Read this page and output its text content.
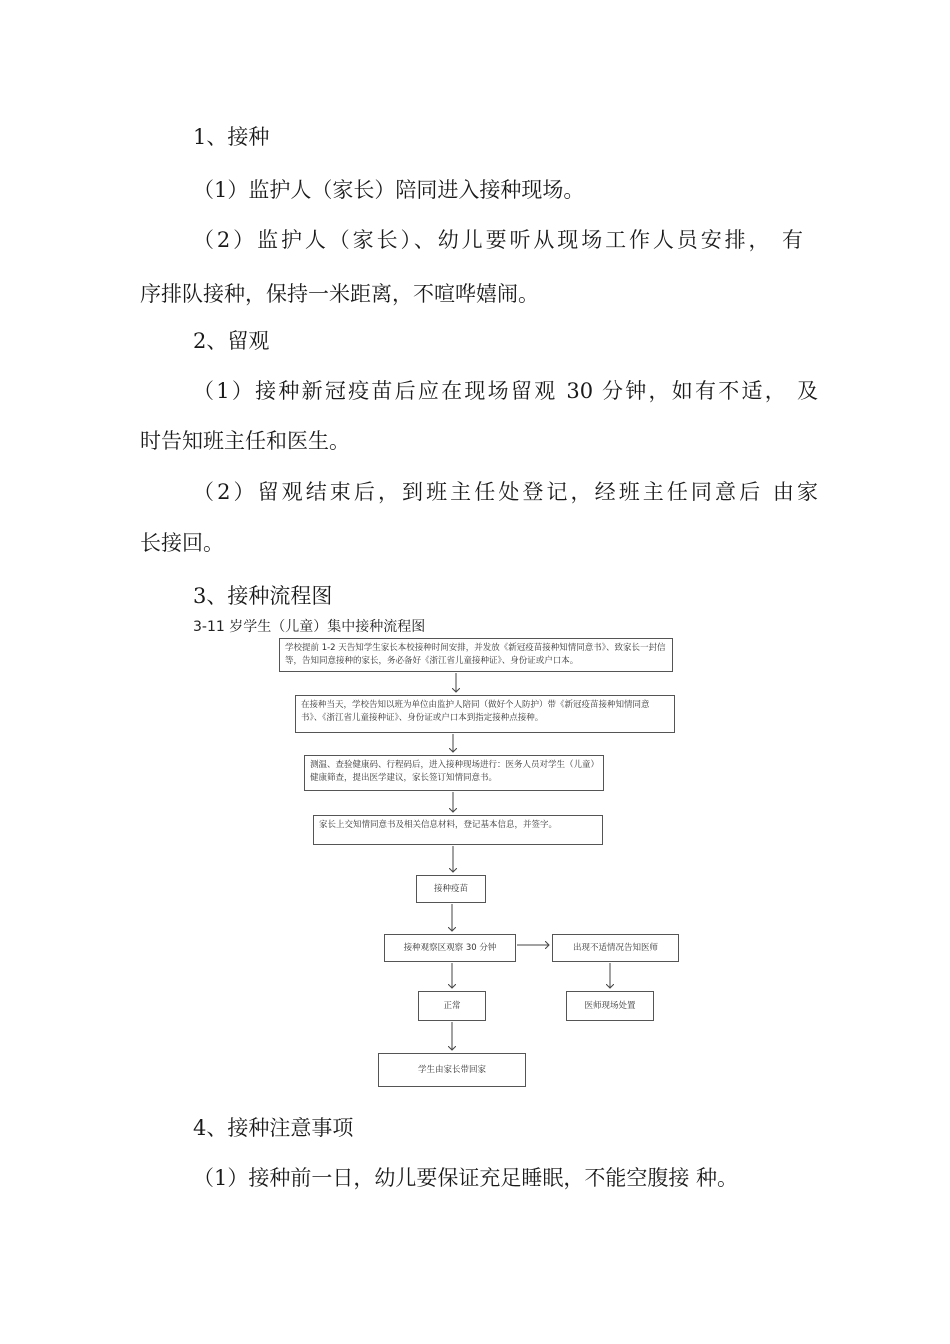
1、接种
（1）监护人（家长）陪同进入接种现场。
（2）监护人（家长）、幼儿要听从现场工作人员安排， 有
序排队接种，保持一米距离，不喧哗嬉闹。
2、留观
（1）接种新冠疫苗后应在现场留观 30 分钟，如有不适， 及
时告知班主任和医生。
（2）留观结束后，到班主任处登记，经班主任同意后 由家
长接回。
3、接种流程图
3-11 岁学生（儿童）集中接种流程图
学校提前 1-2 天告知学生家长本校接种时间安排，并发放《新冠疫苗接种知情同意书》、致家长一封信等，告知同意接种的家长，务必备好《浙江省儿童接种证》、身份证或户口本。
在接种当天，学校告知以班为单位由监护人陪同（做好个人防护）带《新冠疫苗接种知情同意书》、《浙江省儿童接种证》、身份证或户口本到指定接种点接种。
测温、查验健康码、行程码后，进入接种现场进行：医务人员对学生（儿童）健康筛查，提出医学建议，家长签订知情同意书。
家长上交知情同意书及相关信息材料，登记基本信息，并签字。
接种疫苗
接种观察区观察 30 分钟	出现不适情况告知医师
正常	医师现场处置
学生由家长带回家
4、接种注意事项
（1）接种前一日，幼儿要保证充足睡眠，不能空腹接 种。
